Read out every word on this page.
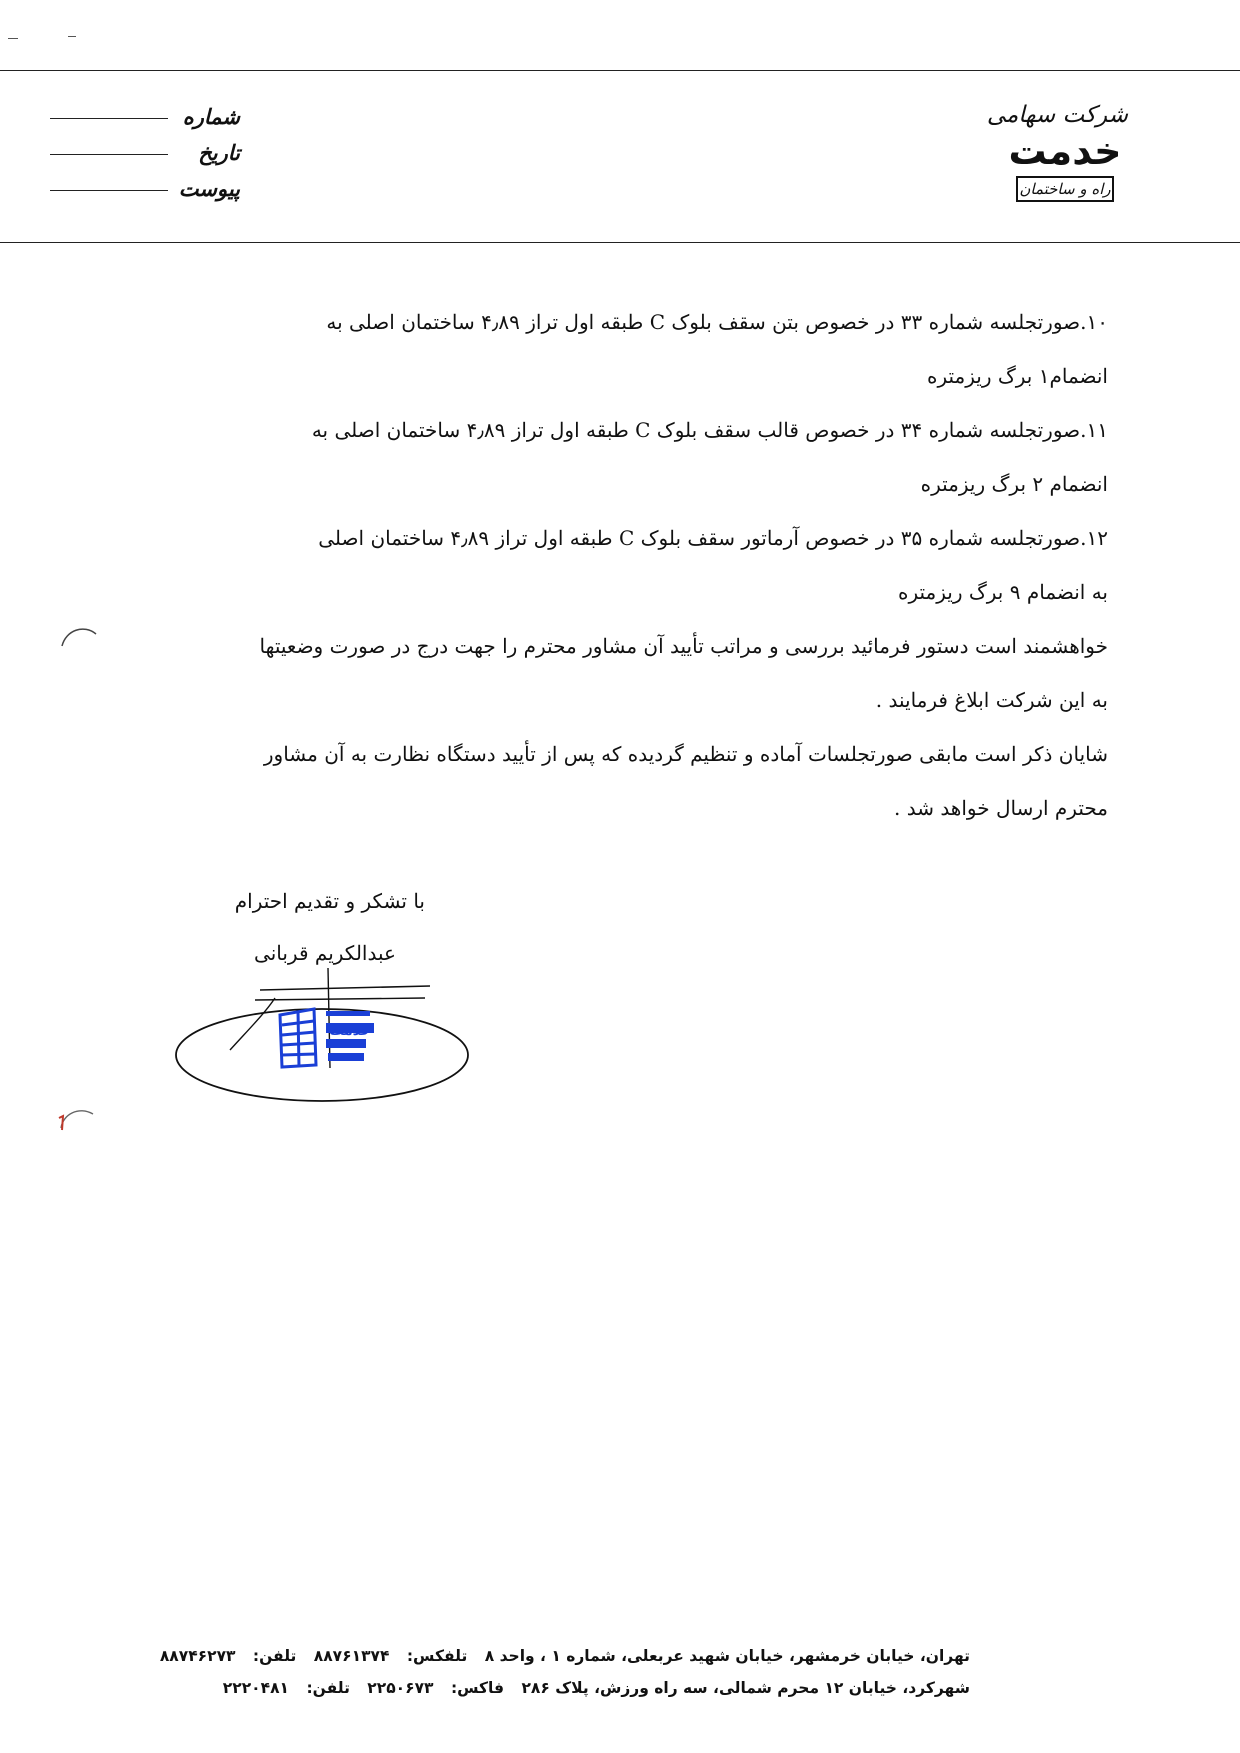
شماره
تاریخ
پیوست
شرکت سهامی
خدمت
راه و ساختمان
۱۰.صورتجلسه شماره ۳۳ در خصوص بتن سقف بلوک C طبقه اول تراز ۴٫۸۹ ساختمان اصلی به
انضمام۱ برگ ریزمتره
۱۱.صورتجلسه شماره ۳۴ در خصوص قالب سقف بلوک C طبقه اول تراز ۴٫۸۹ ساختمان اصلی به
انضمام ۲ برگ ریزمتره
۱۲.صورتجلسه شماره ۳۵ در خصوص آرماتور سقف بلوک C طبقه اول تراز ۴٫۸۹ ساختمان اصلی
به انضمام ۹ برگ ریزمتره
خواهشمند است دستور فرمائید بررسی و مراتب تأیید آن مشاور محترم را جهت درج در صورت وضعیتها
به این شرکت ابلاغ فرمایند .
شایان ذکر است مابقی صورتجلسات آماده و تنظیم گردیده که پس از تأیید دستگاه نظارت به آن مشاور
محترم ارسال خواهد شد .
با تشکر و تقدیم احترام
عبدالکریم قربانی
خدمت
تهران، خیابان خرمشهر، خیابان شهید عربعلی، شماره ۱ ، واحد ۸ تلفکس: ۸۸۷۶۱۳۷۴ تلفن: ۸۸۷۴۶۲۷۳
شهرکرد، خیابان ۱۲ محرم شمالی، سه راه ورزش، پلاک ۲۸۶ فاکس: ۲۲۵۰۶۷۳ تلفن: ۲۲۲۰۴۸۱
